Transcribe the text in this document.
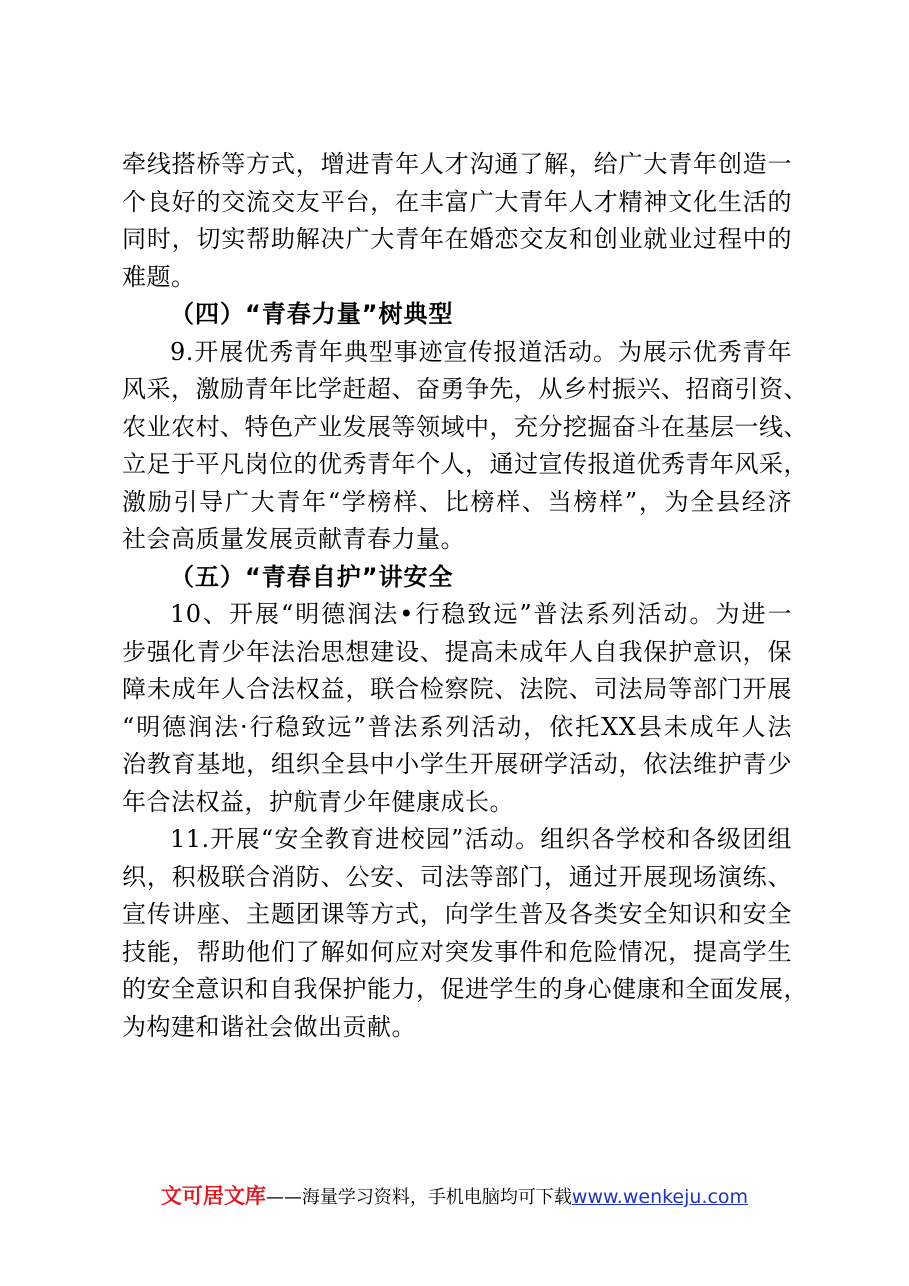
牵线搭桥等方式，增进青年人才沟通了解，给广大青年创造一
个良好的交流交友平台，在丰富广大青年人才精神文化生活的
同时，切实帮助解决广大青年在婚恋交友和创业就业过程中的
难题。
（四）“青春力量”树典型
9.开展优秀青年典型事迹宣传报道活动。为展示优秀青年
风采，激励青年比学赶超、奋勇争先，从乡村振兴、招商引资、
农业农村、特色产业发展等领域中，充分挖掘奋斗在基层一线、
立足于平凡岗位的优秀青年个人，通过宣传报道优秀青年风采，
激励引导广大青年“学榜样、比榜样、当榜样”，为全县经济
社会高质量发展贡献青春力量。
（五）“青春自护”讲安全
10、开展“明德润法•行稳致远”普法系列活动。为进一
步强化青少年法治思想建设、提高未成年人自我保护意识，保
障未成年人合法权益，联合检察院、法院、司法局等部门开展
“明德润法·行稳致远”普法系列活动，依托XX县未成年人法
治教育基地，组织全县中小学生开展研学活动，依法维护青少
年合法权益，护航青少年健康成长。
11.开展“安全教育进校园”活动。组织各学校和各级团组
织，积极联合消防、公安、司法等部门，通过开展现场演练、
宣传讲座、主题团课等方式，向学生普及各类安全知识和安全
技能，帮助他们了解如何应对突发事件和危险情况，提高学生
的安全意识和自我保护能力，促进学生的身心健康和全面发展，
为构建和谐社会做出贡献。
文可居文库——海量学习资料，手机电脑均可下载www.wenkeju.com
